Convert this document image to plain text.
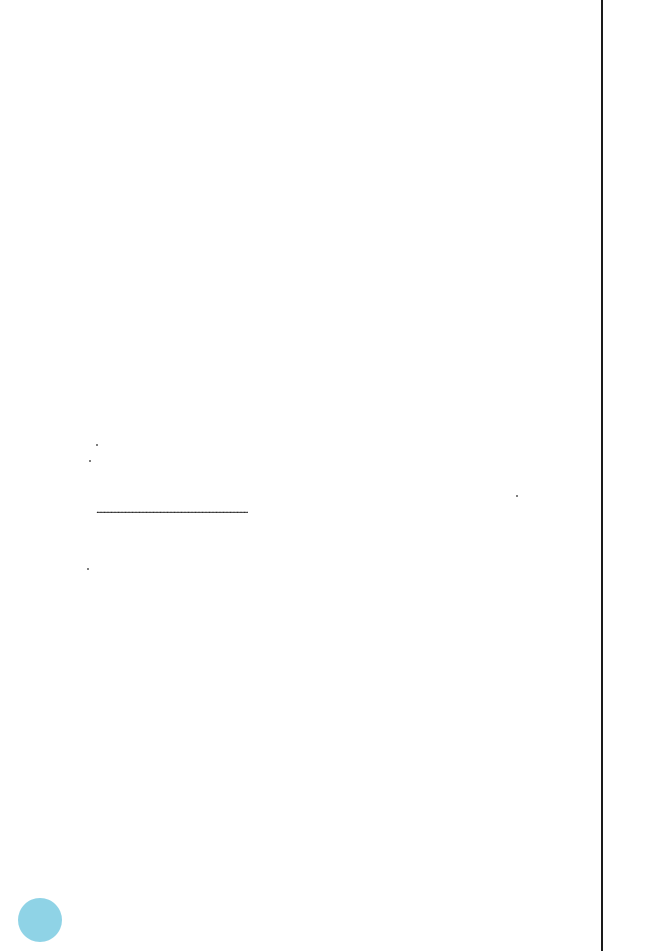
. . .
